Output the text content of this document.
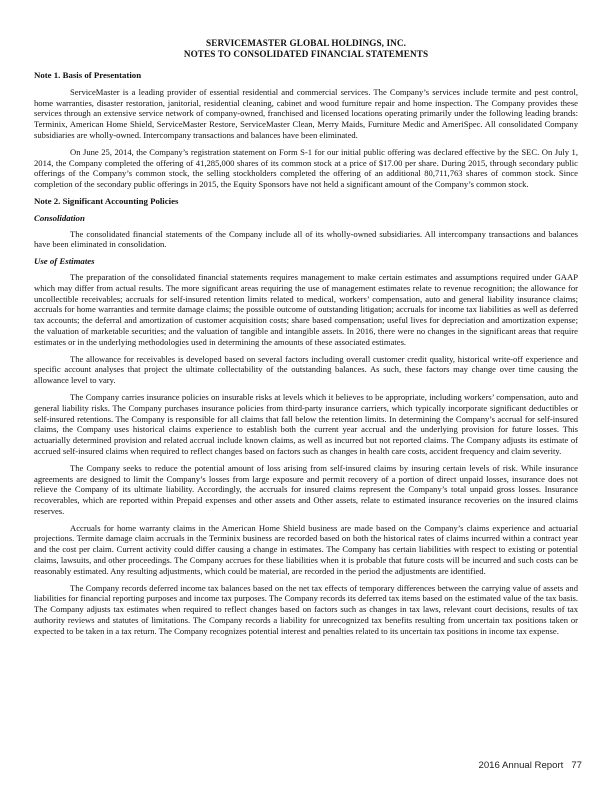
SERVICEMASTER GLOBAL HOLDINGS, INC.
NOTES TO CONSOLIDATED FINANCIAL STATEMENTS
Note 1. Basis of Presentation

ServiceMaster is a leading provider of essential residential and commercial services. The Company’s services include termite and pest control, home warranties, disaster restoration, janitorial, residential cleaning, cabinet and wood furniture repair and home inspection. The Company provides these services through an extensive service network of company-owned, franchised and licensed locations operating primarily under the following leading brands: Terminix, American Home Shield, ServiceMaster Restore, ServiceMaster Clean, Merry Maids, Furniture Medic and AmeriSpec. All consolidated Company subsidiaries are wholly-owned. Intercompany transactions and balances have been eliminated.

On June 25, 2014, the Company’s registration statement on Form S-1 for our initial public offering was declared effective by the SEC. On July 1, 2014, the Company completed the offering of 41,285,000 shares of its common stock at a price of $17.00 per share. During 2015, through secondary public offerings of the Company’s common stock, the selling stockholders completed the offering of an additional 80,711,763 shares of common stock. Since completion of the secondary public offerings in 2015, the Equity Sponsors have not held a significant amount of the Company’s common stock.

Note 2. Significant Accounting Policies
Consolidation

The consolidated financial statements of the Company include all of its wholly-owned subsidiaries. All intercompany transactions and balances have been eliminated in consolidation.

Use of Estimates

The preparation of the consolidated financial statements requires management to make certain estimates and assumptions required under GAAP which may differ from actual results. The more significant areas requiring the use of management estimates relate to revenue recognition; the allowance for uncollectible receivables; accruals for self-insured retention limits related to medical, workers’ compensation, auto and general liability insurance claims; accruals for home warranties and termite damage claims; the possible outcome of outstanding litigation; accruals for income tax liabilities as well as deferred tax accounts; the deferral and amortization of customer acquisition costs; share based compensation; useful lives for depreciation and amortization expense; the valuation of marketable securities; and the valuation of tangible and intangible assets. In 2016, there were no changes in the significant areas that require estimates or in the underlying methodologies used in determining the amounts of these associated estimates.

The allowance for receivables is developed based on several factors including overall customer credit quality, historical write-off experience and specific account analyses that project the ultimate collectability of the outstanding balances. As such, these factors may change over time causing the allowance level to vary.

The Company carries insurance policies on insurable risks at levels which it believes to be appropriate, including workers’ compensation, auto and general liability risks. The Company purchases insurance policies from third-party insurance carriers, which typically incorporate significant deductibles or self-insured retentions. The Company is responsible for all claims that fall below the retention limits. In determining the Company’s accrual for self-insured claims, the Company uses historical claims experience to establish both the current year accrual and the underlying provision for future losses. This actuarially determined provision and related accrual include known claims, as well as incurred but not reported claims. The Company adjusts its estimate of accrued self-insured claims when required to reflect changes based on factors such as changes in health care costs, accident frequency and claim severity.

The Company seeks to reduce the potential amount of loss arising from self-insured claims by insuring certain levels of risk. While insurance agreements are designed to limit the Company’s losses from large exposure and permit recovery of a portion of direct unpaid losses, insurance does not relieve the Company of its ultimate liability. Accordingly, the accruals for insured claims represent the Company’s total unpaid gross losses. Insurance recoverables, which are reported within Prepaid expenses and other assets and Other assets, relate to estimated insurance recoveries on the insured claims reserves.

Accruals for home warranty claims in the American Home Shield business are made based on the Company’s claims experience and actuarial projections. Termite damage claim accruals in the Terminix business are recorded based on both the historical rates of claims incurred within a contract year and the cost per claim. Current activity could differ causing a change in estimates. The Company has certain liabilities with respect to existing or potential claims, lawsuits, and other proceedings. The Company accrues for these liabilities when it is probable that future costs will be incurred and such costs can be reasonably estimated. Any resulting adjustments, which could be material, are recorded in the period the adjustments are identified.

The Company records deferred income tax balances based on the net tax effects of temporary differences between the carrying value of assets and liabilities for financial reporting purposes and income tax purposes. The Company records its deferred tax items based on the estimated value of the tax basis. The Company adjusts tax estimates when required to reflect changes based on factors such as changes in tax laws, relevant court decisions, results of tax authority reviews and statutes of limitations. The Company records a liability for unrecognized tax benefits resulting from uncertain tax positions taken or expected to be taken in a tax return. The Company recognizes potential interest and penalties related to its uncertain tax positions in income tax expense.

2016 Annual Report 77
